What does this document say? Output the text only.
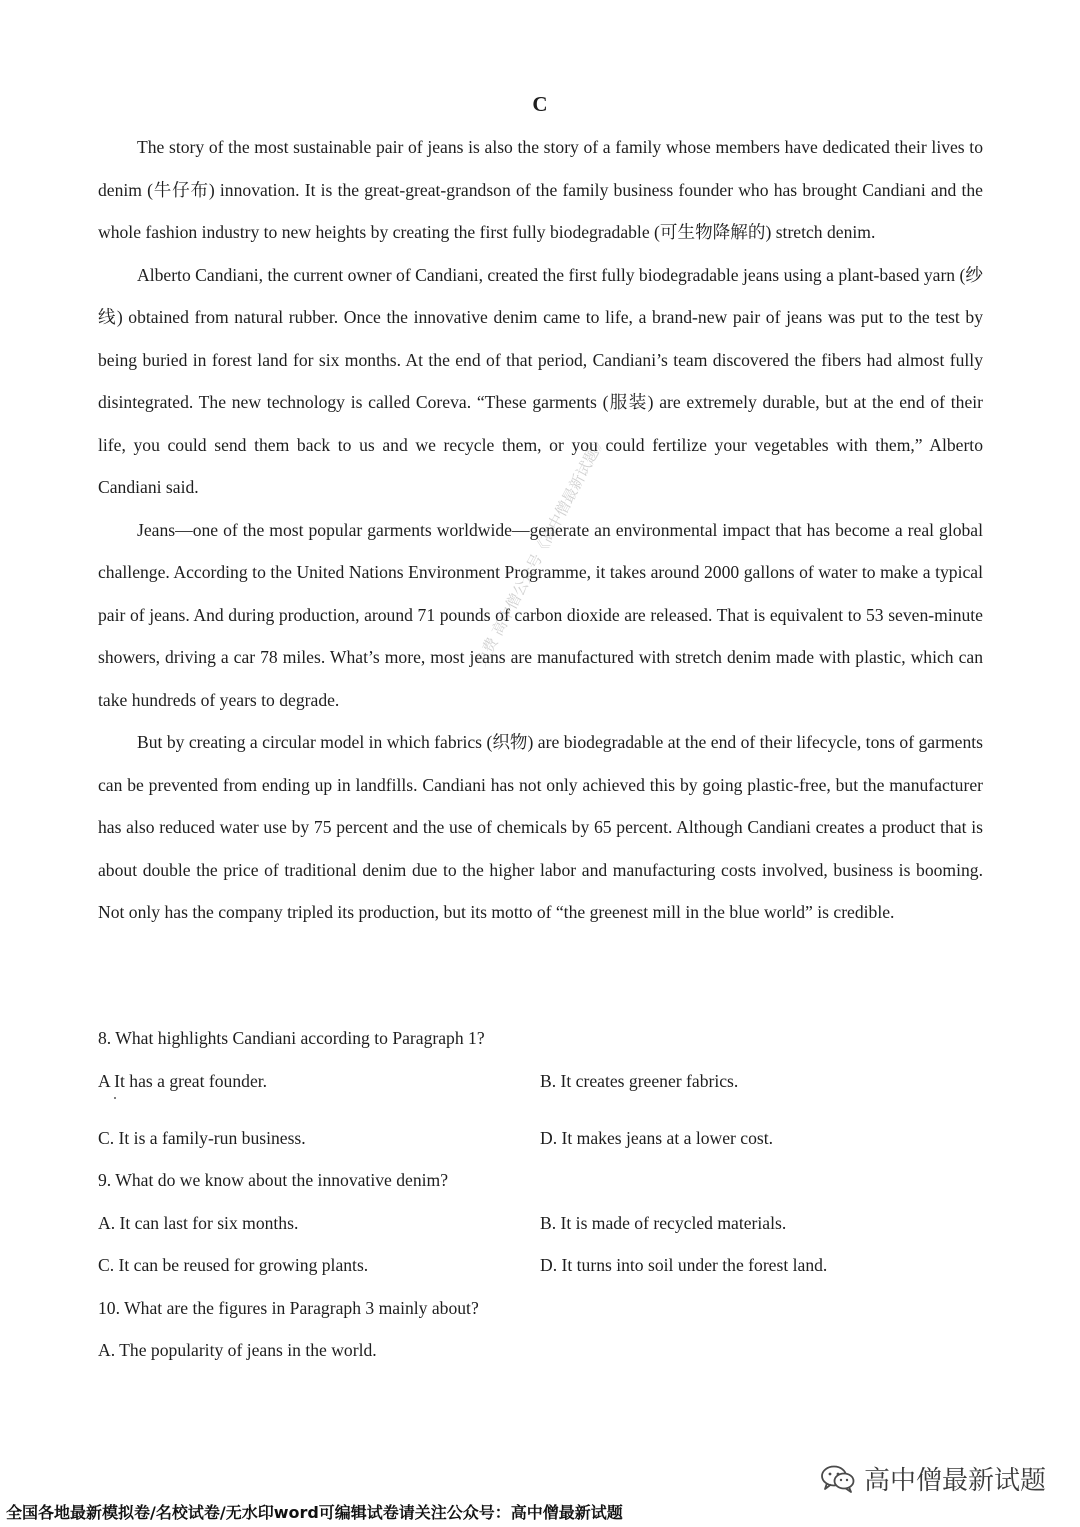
C

The story of the most sustainable pair of jeans is also the story of a family whose members have dedicated their lives to denim (牛仔布) innovation. It is the great-great-grandson of the family business founder who has brought Candiani and the whole fashion industry to new heights by creating the first fully biodegradable (可生物降解的) stretch denim.

Alberto Candiani, the current owner of Candiani, created the first fully biodegradable jeans using a plant-based yarn (纱线) obtained from natural rubber. Once the innovative denim came to life, a brand-new pair of jeans was put to the test by being buried in forest land for six months. At the end of that period, Candiani’s team discovered the fibers had almost fully disintegrated. The new technology is called Coreva. “These garments (服装) are extremely durable, but at the end of their life, you could send them back to us and we recycle them, or you could fertilize your vegetables with them,” Alberto Candiani said.

Jeans—one of the most popular garments worldwide—generate an environmental impact that has become a real global challenge. According to the United Nations Environment Programme, it takes around 2000 gallons of water to make a typical pair of jeans. And during production, around 71 pounds of carbon dioxide are released. That is equivalent to 53 seven-minute showers, driving a car 78 miles. What’s more, most jeans are manufactured with stretch denim made with plastic, which can take hundreds of years to degrade.

But by creating a circular model in which fabrics (织物) are biodegradable at the end of their lifecycle, tons of garments can be prevented from ending up in landfills. Candiani has not only achieved this by going plastic-free, but the manufacturer has also reduced water use by 75 percent and the use of chemicals by 65 percent. Although Candiani creates a product that is about double the price of traditional denim due to the higher labor and manufacturing costs involved, business is booming. Not only has the company tripled its production, but its motto of “the greenest mill in the blue world” is credible.

8. What highlights Candiani according to Paragraph 1?

A It has a great founder.	B. It creates greener fabrics.
C. It is a family-run business.	D. It makes jeans at a lower cost.

9. What do we know about the innovative denim?

A. It can last for six months.	B. It is made of recycled materials.
C. It can be reused for growing plants.	D. It turns into soil under the forest land.

10. What are the figures in Paragraph 3 mainly about?

A. The popularity of jeans in the world.
免费 高中僧公众号《高中僧最新试题》
高中僧最新试题
全国各地最新模拟卷/名校试卷/无水印word可编辑试卷请关注公众号：高中僧最新试题
